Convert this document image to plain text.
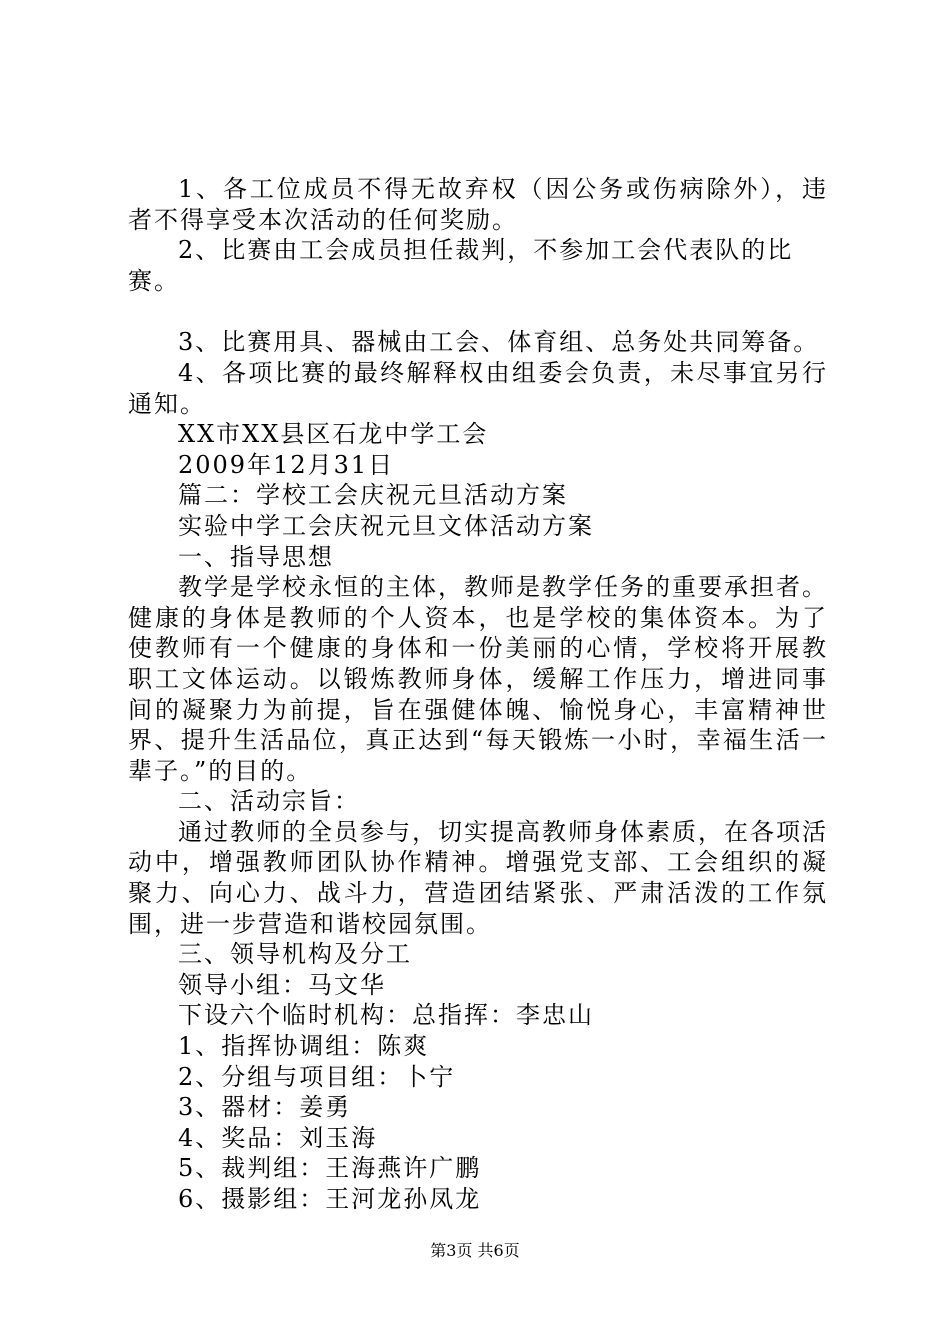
1、各工位成员不得无故弃权（因公务或伤病除外），违者不得享受本次活动的任何奖励。

2、比赛由工会成员担任裁判，不参加工会代表队的比赛。

3、比赛用具、器械由工会、体育组、总务处共同筹备。

4、各项比赛的最终解释权由组委会负责，未尽事宜另行通知。

XX市XX县区石龙中学工会

2009年12月31日

篇二：学校工会庆祝元旦活动方案

实验中学工会庆祝元旦文体活动方案

一、指导思想

教学是学校永恒的主体，教师是教学任务的重要承担者。健康的身体是教师的个人资本，也是学校的集体资本。为了使教师有一个健康的身体和一份美丽的心情，学校将开展教职工文体运动。以锻炼教师身体，缓解工作压力，增进同事间的凝聚力为前提，旨在强健体魄、愉悦身心，丰富精神世界、提升生活品位，真正达到“每天锻炼一小时，幸福生活一辈子。”的目的。

二、活动宗旨：

通过教师的全员参与，切实提高教师身体素质，在各项活动中，增强教师团队协作精神。增强党支部、工会组织的凝聚力、向心力、战斗力，营造团结紧张、严肃活泼的工作氛围，进一步营造和谐校园氛围。

三、领导机构及分工

领导小组：马文华

下设六个临时机构：总指挥：李忠山

1、指挥协调组：陈爽

2、分组与项目组：卜宁

3、器材：姜勇

4、奖品：刘玉海

5、裁判组：王海燕许广鹏

6、摄影组：王河龙孙凤龙

第3页 共6页
